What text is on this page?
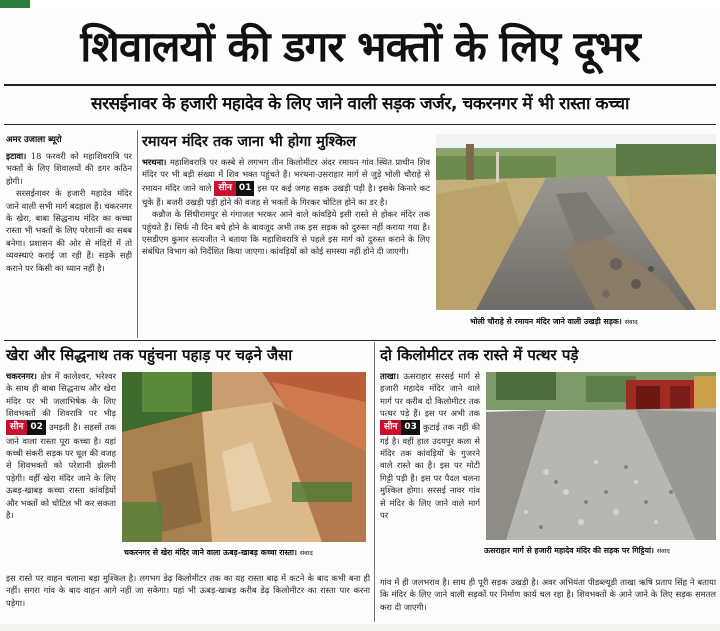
शिवालयों की डगर भक्तों के लिए दूभर
सरसईनावर के हजारी महादेव के लिए जाने वाली सड़क जर्जर, चकरनगर में भी रास्ता कच्चा
अमर उजाला ब्यूरो

इटावा। 18 फरवरी को महाशिवरात्रि पर भक्तों के लिए शिवालयों की डगर कठिन होगी।

सरसईनावर के हजारी महादेव मंदिर जाने वाली सभी मार्ग बदहाल हैं। चकरनगर के खेरा, बाबा सिद्धनाथ मंदिर का कच्चा रास्ता भी भक्तों के लिए परेशानी का सबब बनेगा। प्रशासन की ओर से मंदिरों में तो व्यवस्थाएं कराई जा रही हैं। सड़कें सही कराने पर किसी का ध्यान नहीं है।

रमायन मंदिर तक जाना भी होगा मुश्किल

भरथना। महाशिवरात्रि पर कस्बे से लगभग तीन किलोमीटर अंदर रमायन गांव स्थित प्राचीन शिव मंदिर पर भी बड़ी संख्या में शिव भक्त पहुंचते हैं। भरथना-उसराहार मार्ग से जुड़े भोली चौराहे से रमायन मंदिर जाने वाले सीन 01 इस पर कई जगह सड़क उखड़ी पड़ी है। इसके किनारे कट चुके हैं। बजरी उखड़ी पड़ी होने की वजह से भक्तों के गिरकर चोटिल होने का डर है।

कन्नौज के सिंधीरामपुर से गंगाजल भरकर आने वाले कांवड़िये इसी रास्ते से होकर मंदिर तक पहुंचते हैं। सिर्फ नौ दिन बचे होने के बावजूद अभी तक इस सड़क को दुरुस्त नहीं कराया गया है। एसडीएम कुमार सत्यजीत ने बताया कि महाशिवरात्रि से पहले इस मार्ग को दुरुस्त कराने के लिए संबंधित विभाग को निर्देशित किया जाएगा। कांवड़ियों को कोई समस्या नहीं होने दी जाएगी।

भोली चौराहे से रमायन मंदिर जाने वाली उखड़ी सड़क। संवाद
खेरा और सिद्धनाथ तक पहुंचना पहाड़ पर चढ़ने जैसा

चकरनगर। क्षेत्र में कालेश्वर, भरेश्वर के साथ ही बाबा सिद्धनाथ और खेरा मंदिर पर भी जलाभिषेक के लिए शिवभक्तों की शिवरात्रि पर भीड़ सीन 02 उमड़ती है। सहसों तक जाने वाला रास्ता पूरा कच्चा है। यहां कच्ची संकरी सड़क पर धूल की वजह से शिवभक्तों को परेशानी झेलनी पड़ेगी। वहीं खेरा मंदिर जाने के लिए ऊबड़-खाबड़ कच्चा रास्ता कांवड़ियों और भक्तों को चोटिल भी कर सकता है।

चकरनगर से खेरा मंदिर जाने वाला ऊबड़-खाबड़ कच्चा रास्ता। संवाद

इस रास्ते पर वाहन चलाना बड़ा मुश्किल है। लगभग डेढ़ किलोमीटर तक का यह रास्ता बाढ़ में कटने के बाद कभी बना ही नहीं। सगरा गांव के बाद वाहन आगे नहीं जा सकेगा। यहां भी ऊबड़-खाबड़ करीब डेढ़ किलोमीटर का रास्ता पार करना पड़ेगा।

दो किलोमीटर तक रास्ते में पत्थर पड़े

ताखा। ऊसराहार सरसई मार्ग से हजारी महादेव मंदिर जाने वाले मार्ग पर करीब दो किलोमीटर तक पत्थर पड़े हैं। इस पर अभी तक सीन 03 कुटाई तक नहीं की गई है। वहीं हाल उदयपुर कला से मंदिर तक कांवड़ियों के गुजरने वाले रास्ते का है। इस पर मोटी गिट्टी पड़ी है। इस पर पैदल चलना मुश्किल होगा। सरसई नावर गांव से मंदिर के लिए जाने वाले मार्ग पर

ऊसराहार मार्ग से हजारी महादेव मंदिर की सड़क पर गिट्टियां। संवाद

गांव में ही जलभराव है। साथ ही पूरी सड़क उखड़ी है। अवर अभियंता पीडब्ल्यूडी ताखा ऋषि प्रताप सिंह ने बताया कि मंदिर के लिए जाने वाली सड़कों पर निर्माण कार्य चल रहा है। शिवभक्तों के आने जाने के लिए सड़क समतल करा दी जाएगी।
